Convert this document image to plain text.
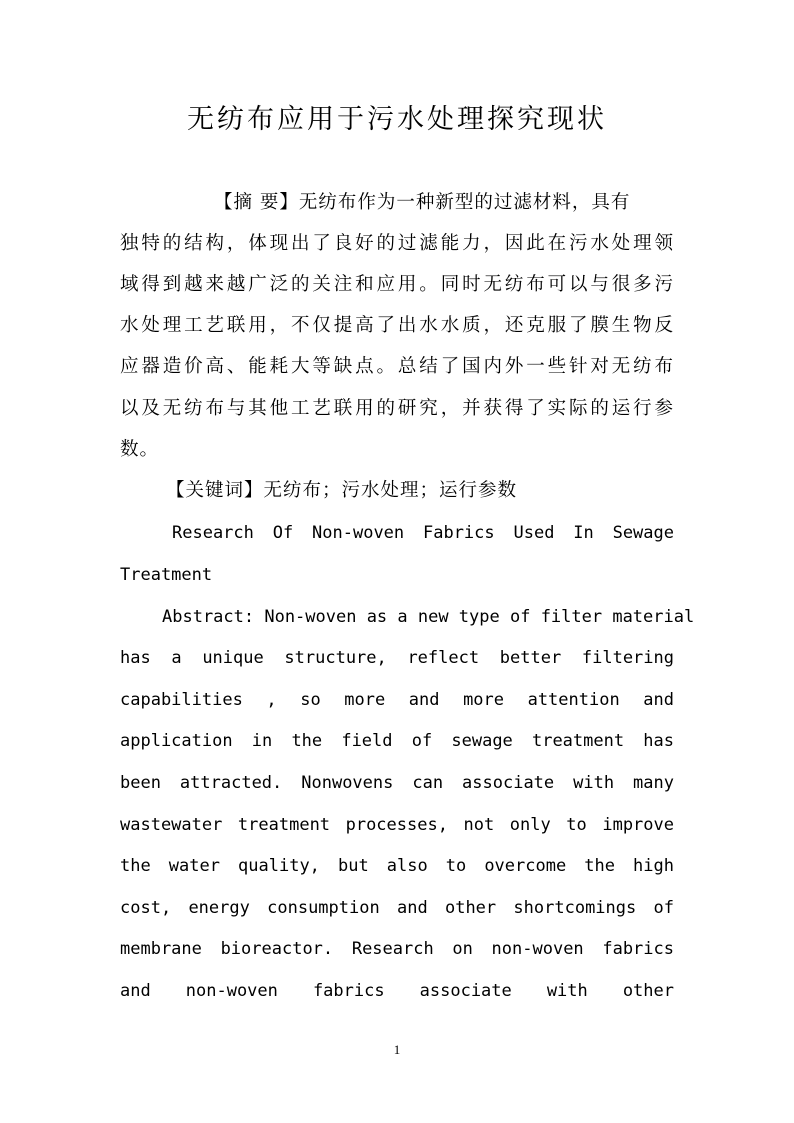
无纺布应用于污水处理探究现状
【摘 要】无纺布作为一种新型的过滤材料，具有
独特的结构，体现出了良好的过滤能力，因此在污水处理领
域得到越来越广泛的关注和应用。同时无纺布可以与很多污
水处理工艺联用，不仅提高了出水水质，还克服了膜生物反
应器造价高、能耗大等缺点。总结了国内外一些针对无纺布
以及无纺布与其他工艺联用的研究，并获得了实际的运行参
数。
【关键词】无纺布；污水处理；运行参数
Research Of Non-woven Fabrics Used In Sewage
Treatment
Abstract: Non-woven as a new type of filter material
has a unique structure, reflect better filtering
capabilities , so more and more attention and
application in the field of sewage treatment has
been attracted. Nonwovens can associate with many
wastewater treatment processes, not only to improve
the water quality, but also to overcome the high
cost, energy consumption and other shortcomings of
membrane bioreactor. Research on non-woven fabrics
and non-woven fabrics associate with other
1
